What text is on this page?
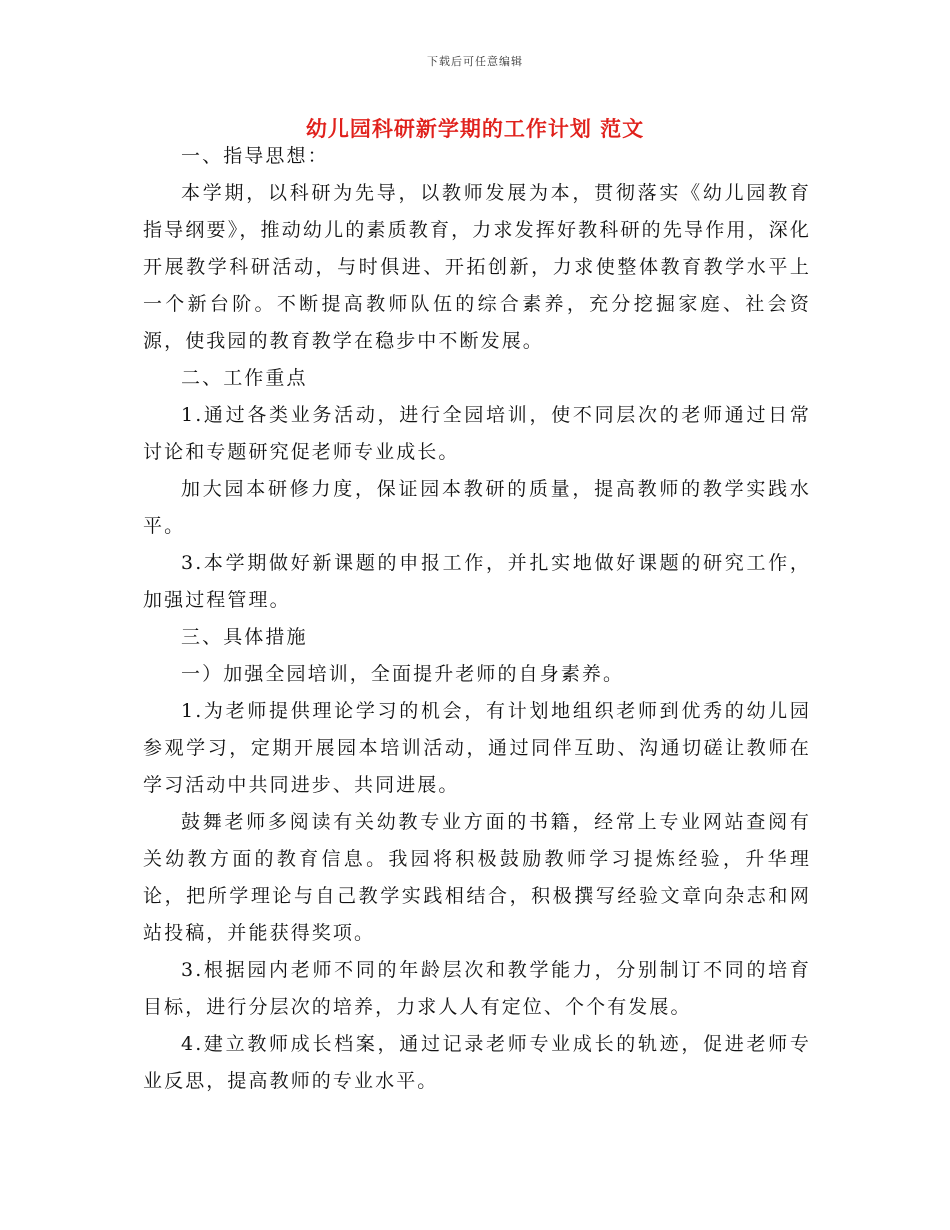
下载后可任意编辑
幼儿园科研新学期的工作计划 范文

一、指导思想：

本学期，以科研为先导，以教师发展为本，贯彻落实《幼儿园教育指导纲要》，推动幼儿的素质教育，力求发挥好教科研的先导作用，深化开展教学科研活动，与时俱进、开拓创新，力求使整体教育教学水平上一个新台阶。不断提高教师队伍的综合素养，充分挖掘家庭、社会资源，使我园的教育教学在稳步中不断发展。

二、工作重点

1.通过各类业务活动，进行全园培训，使不同层次的老师通过日常讨论和专题研究促老师专业成长。

加大园本研修力度，保证园本教研的质量，提高教师的教学实践水平。

3.本学期做好新课题的申报工作，并扎实地做好课题的研究工作，加强过程管理。

三、具体措施

一）加强全园培训，全面提升老师的自身素养。

1.为老师提供理论学习的机会，有计划地组织老师到优秀的幼儿园参观学习，定期开展园本培训活动，通过同伴互助、沟通切磋让教师在学习活动中共同进步、共同进展。

鼓舞老师多阅读有关幼教专业方面的书籍，经常上专业网站查阅有关幼教方面的教育信息。我园将积极鼓励教师学习提炼经验，升华理论，把所学理论与自己教学实践相结合，积极撰写经验文章向杂志和网站投稿，并能获得奖项。

3.根据园内老师不同的年龄层次和教学能力，分别制订不同的培育目标，进行分层次的培养，力求人人有定位、个个有发展。

4.建立教师成长档案，通过记录老师专业成长的轨迹，促进老师专业反思，提高教师的专业水平。
